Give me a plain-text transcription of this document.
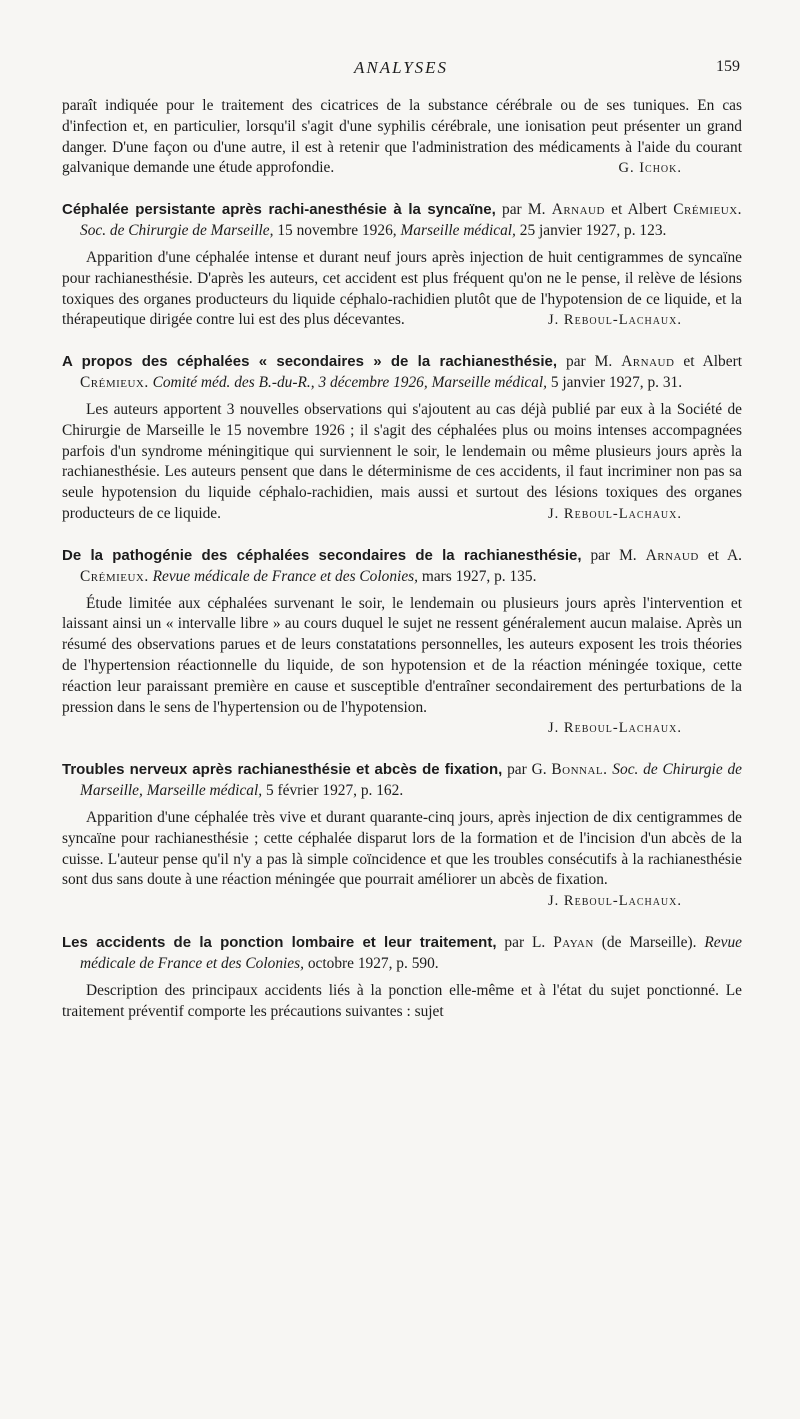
ANALYSES	159

paraît indiquée pour le traitement des cicatrices de la substance cérébrale ou de ses tuniques. En cas d'infection et, en particulier, lorsqu'il s'agit d'une syphilis cérébrale, une ionisation peut présenter un grand danger. D'une façon ou d'une autre, il est à retenir que l'administration des médicaments à l'aide du courant galvanique demande une étude approfondie.	G. Ichok.

Céphalée persistante après rachi-anesthésie à la syncaïne, par M. Arnaud et Albert Crémieux. Soc. de Chirurgie de Marseille, 15 novembre 1926, Marseille médical, 25 janvier 1927, p. 123.

Apparition d'une céphalée intense et durant neuf jours après injection de huit centigrammes de syncaïne pour rachianesthésie. D'après les auteurs, cet accident est plus fréquent qu'on ne le pense, il relève de lésions toxiques des organes producteurs du liquide céphalo-rachidien plutôt que de l'hypotension de ce liquide, et la thérapeutique dirigée contre lui est des plus décevantes.	J. Reboul-Lachaux.

A propos des céphalées « secondaires » de la rachianesthésie, par M. Arnaud et Albert Crémieux. Comité méd. des B.-du-R., 3 décembre 1926, Marseille médical, 5 janvier 1927, p. 31.

Les auteurs apportent 3 nouvelles observations qui s'ajoutent au cas déjà publié par eux à la Société de Chirurgie de Marseille le 15 novembre 1926 ; il s'agit des céphalées plus ou moins intenses accompagnées parfois d'un syndrome méningitique qui surviennent le soir, le lendemain ou même plusieurs jours après la rachianesthésie. Les auteurs pensent que dans le déterminisme de ces accidents, il faut incriminer non pas sa seule hypotension du liquide céphalo-rachidien, mais aussi et surtout des lésions toxiques des organes producteurs de ce liquide.	J. Reboul-Lachaux.

De la pathogénie des céphalées secondaires de la rachianesthésie, par M. Arnaud et A. Crémieux. Revue médicale de France et des Colonies, mars 1927, p. 135.

Étude limitée aux céphalées survenant le soir, le lendemain ou plusieurs jours après l'intervention et laissant ainsi un « intervalle libre » au cours duquel le sujet ne ressent généralement aucun malaise. Après un résumé des observations parues et de leurs constatations personnelles, les auteurs exposent les trois théories de l'hypertension réactionnelle du liquide, de son hypotension et de la réaction méningée toxique, cette réaction leur paraissant première en cause et susceptible d'entraîner secondairement des perturbations de la pression dans le sens de l'hypertension ou de l'hypotension.

J. Reboul-Lachaux.

Troubles nerveux après rachianesthésie et abcès de fixation, par G. Bonnal. Soc. de Chirurgie de Marseille, Marseille médical, 5 février 1927, p. 162.

Apparition d'une céphalée très vive et durant quarante-cinq jours, après injection de dix centigrammes de syncaïne pour rachianesthésie ; cette céphalée disparut lors de la formation et de l'incision d'un abcès de la cuisse. L'auteur pense qu'il n'y a pas là simple coïncidence et que les troubles consécutifs à la rachianesthésie sont dus sans doute à une réaction méningée que pourrait améliorer un abcès de fixation.

J. Reboul-Lachaux.

Les accidents de la ponction lombaire et leur traitement, par L. Payan (de Marseille). Revue médicale de France et des Colonies, octobre 1927, p. 590.

Description des principaux accidents liés à la ponction elle-même et à l'état du sujet ponctionné. Le traitement préventif comporte les précautions suivantes : sujet
